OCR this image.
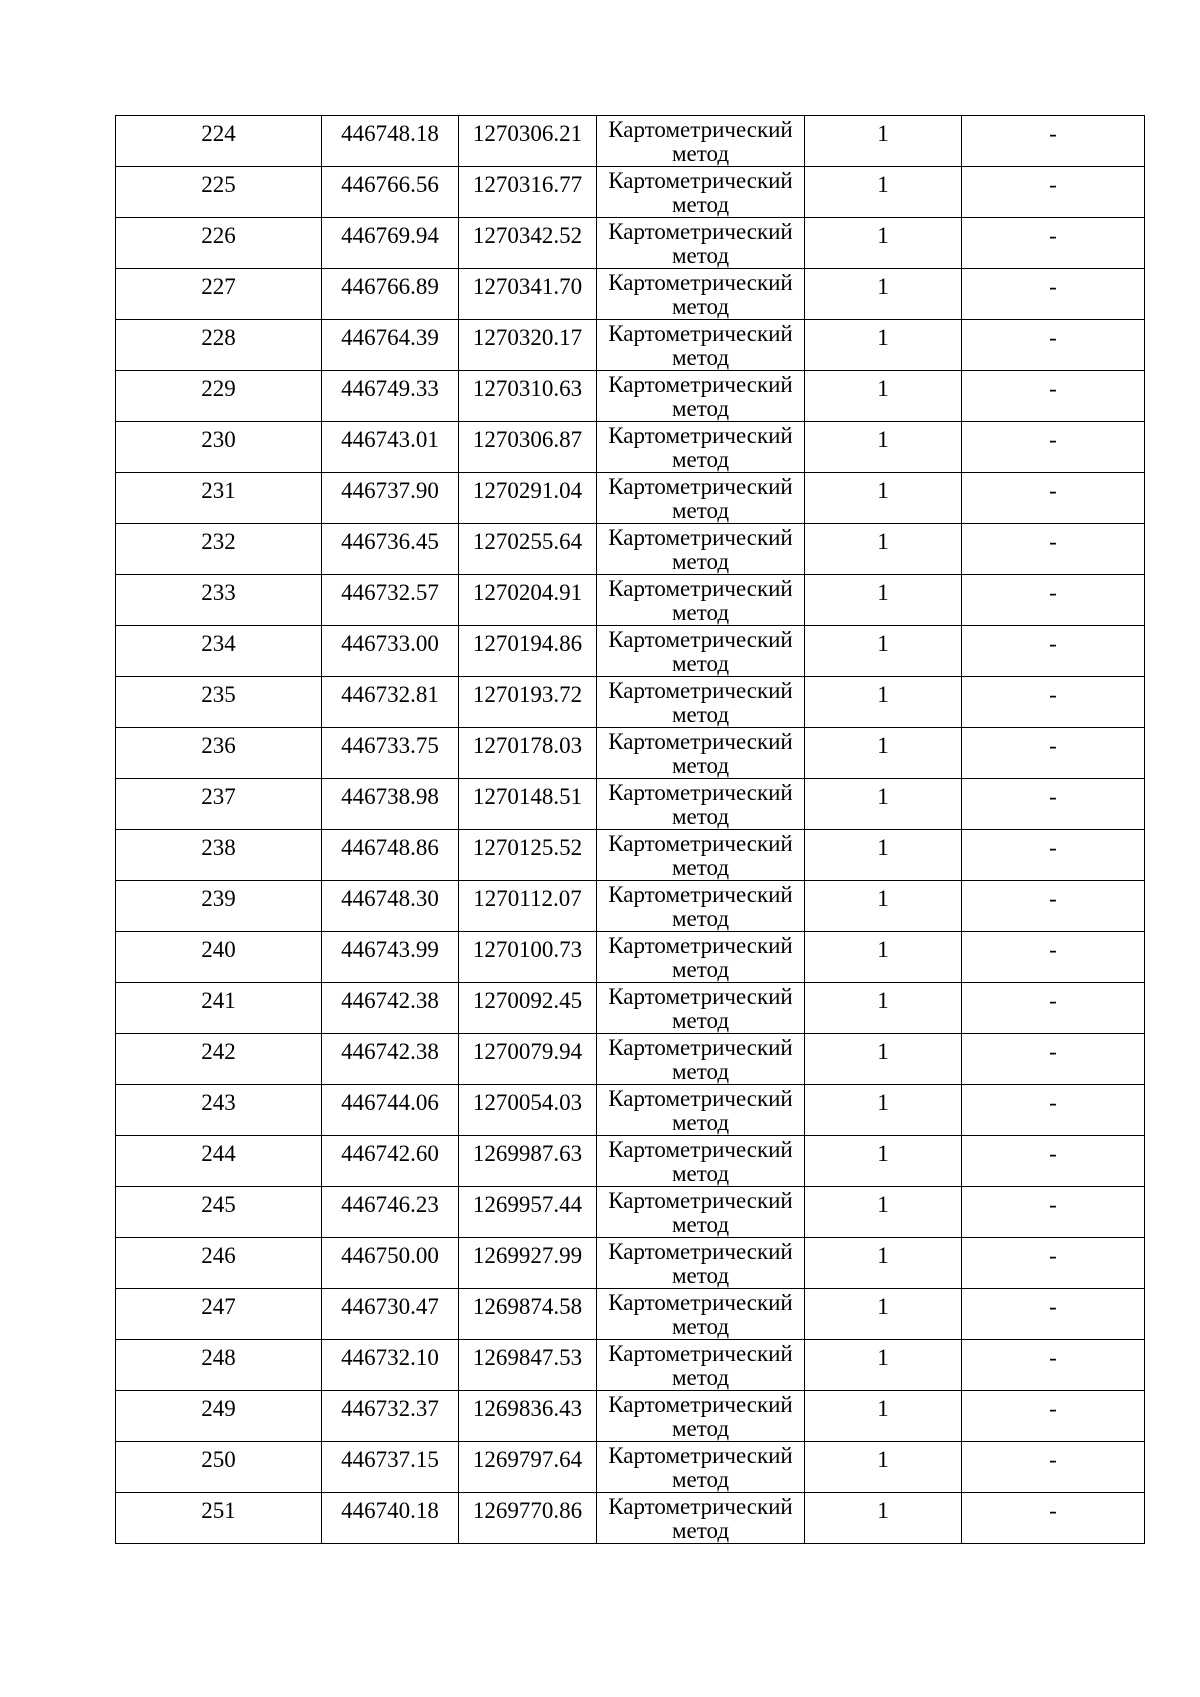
224	446748.18	1270306.21	Картометрический метод	1	-
225	446766.56	1270316.77	Картометрический метод	1	-
226	446769.94	1270342.52	Картометрический метод	1	-
227	446766.89	1270341.70	Картометрический метод	1	-
228	446764.39	1270320.17	Картометрический метод	1	-
229	446749.33	1270310.63	Картометрический метод	1	-
230	446743.01	1270306.87	Картометрический метод	1	-
231	446737.90	1270291.04	Картометрический метод	1	-
232	446736.45	1270255.64	Картометрический метод	1	-
233	446732.57	1270204.91	Картометрический метод	1	-
234	446733.00	1270194.86	Картометрический метод	1	-
235	446732.81	1270193.72	Картометрический метод	1	-
236	446733.75	1270178.03	Картометрический метод	1	-
237	446738.98	1270148.51	Картометрический метод	1	-
238	446748.86	1270125.52	Картометрический метод	1	-
239	446748.30	1270112.07	Картометрический метод	1	-
240	446743.99	1270100.73	Картометрический метод	1	-
241	446742.38	1270092.45	Картометрический метод	1	-
242	446742.38	1270079.94	Картометрический метод	1	-
243	446744.06	1270054.03	Картометрический метод	1	-
244	446742.60	1269987.63	Картометрический метод	1	-
245	446746.23	1269957.44	Картометрический метод	1	-
246	446750.00	1269927.99	Картометрический метод	1	-
247	446730.47	1269874.58	Картометрический метод	1	-
248	446732.10	1269847.53	Картометрический метод	1	-
249	446732.37	1269836.43	Картометрический метод	1	-
250	446737.15	1269797.64	Картометрический метод	1	-
251	446740.18	1269770.86	Картометрический метод	1	-
